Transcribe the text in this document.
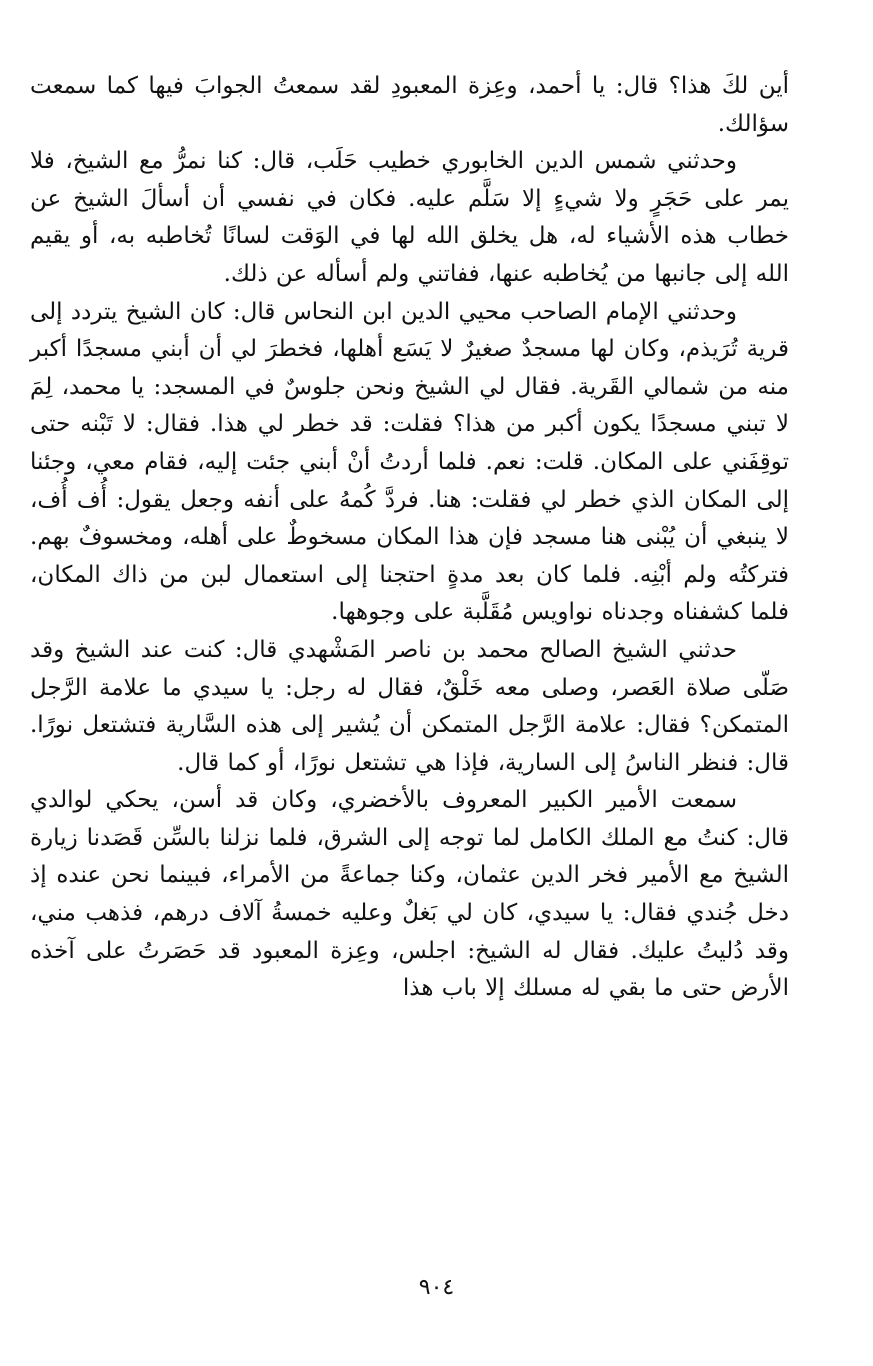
أين لكَ هذا؟ قال: يا أحمد، وعِزة المعبودِ لقد سمعتُ الجوابَ فيها كما سمعت سؤالك.

وحدثني شمس الدين الخابوري خطيب حَلَب، قال: كنا نمرُّ مع الشيخ، فلا يمر على حَجَرٍ ولا شيءٍ إلا سَلَّم عليه. فكان في نفسي أن أسألَ الشيخ عن خطاب هذه الأشياء له، هل يخلق الله لها في الوَقت لسانًا تُخاطبه به، أو يقيم الله إلى جانبها من يُخاطبه عنها، ففاتني ولم أسأله عن ذلك.

وحدثني الإمام الصاحب محيي الدين ابن النحاس قال: كان الشيخ يتردد إلى قرية تُرَيذم، وكان لها مسجدٌ صغيرٌ لا يَسَع أهلها، فخطرَ لي أن أبني مسجدًا أكبر منه من شمالي القَرية. فقال لي الشيخ ونحن جلوسٌ في المسجد: يا محمد، لِمَ لا تبني مسجدًا يكون أكبر من هذا؟ فقلت: قد خطر لي هذا. فقال: لا تَبْنه حتى توقِفَني على المكان. قلت: نعم. فلما أردتُ أنْ أبني جئت إليه، فقام معي، وجئنا إلى المكان الذي خطر لي فقلت: هنا. فردَّ كُمهُ على أنفه وجعل يقول: أُف أُف، لا ينبغي أن يُبْنى هنا مسجد فإن هذا المكان مسخوطٌ على أهله، ومخسوفٌ بهم. فتركتُه ولم أبْنِه. فلما كان بعد مدةٍ احتجنا إلى استعمال لبن من ذاك المكان، فلما كشفناه وجدناه نواويس مُقَلَّبة على وجوهها.

حدثني الشيخ الصالح محمد بن ناصر المَشْهدي قال: كنت عند الشيخ وقد صَلّى صلاة العَصر، وصلى معه خَلْقٌ، فقال له رجل: يا سيدي ما علامة الرَّجل المتمكن؟ فقال: علامة الرَّجل المتمكن أن يُشير إلى هذه السَّارية فتشتعل نورًا. قال: فنظر الناسُ إلى السارية، فإذا هي تشتعل نورًا، أو كما قال.

سمعت الأمير الكبير المعروف بالأخضري، وكان قد أسن، يحكي لوالدي قال: كنتُ مع الملك الكامل لما توجه إلى الشرق، فلما نزلنا بالسِّن قَصَدنا زيارة الشيخ مع الأمير فخر الدين عثمان، وكنا جماعةً من الأمراء، فبينما نحن عنده إذ دخل جُندي فقال: يا سيدي، كان لي بَغلٌ وعليه خمسةُ آلاف درهم، فذهب مني، وقد دُليتُ عليك. فقال له الشيخ: اجلس، وعِزة المعبود قد حَصَرتُ على آخذه الأرض حتى ما بقي له مسلك إلا باب هذا

٩٠٤
